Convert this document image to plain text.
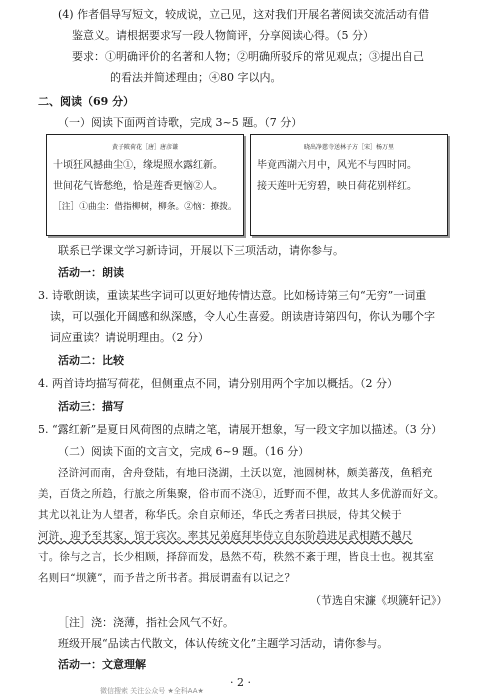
(4) 作者倡导写短文，较成说，立己见，这对我们开展名著阅读交流活动有借
鉴意义。请根据要求写一段人物简评，分享阅读心得。（5 分）
要求：①明确评价的名著和人物；②明确所驳斥的常见观点；③提出自己
的看法并简述理由；④80 字以内。
二、阅读（69 分）
（一）阅读下面两首诗歌，完成 3~5 题。（7 分）
黄子陂荷花［唐］唐彦谦
十顷狂风撼曲尘①，缘堤照水露红新。
世间花气皆愁绝，恰是莲香更恼②人。
［注］①曲尘：借指柳树，柳条。②恼：撩拨。
晓出净慈寺送林子方［宋］杨万里
毕竟西湖六月中，风光不与四时同。
接天莲叶无穷碧，映日荷花别样红。
联系已学课文学习新诗词，开展以下三项活动，请你参与。
活动一：朗读
3. 诗歌朗读，重读某些字词可以更好地传情达意。比如杨诗第三句“无穷”一词重
读，可以强化开阔感和纵深感，令人心生喜爱。朗读唐诗第四句，你认为哪个字
词应重读？请说明理由。（2 分）
活动二：比较
4. 两首诗均描写荷花，但侧重点不同，请分别用两个字加以概括。（2 分）
活动三：描写
5. “露红新”是夏日风荷图的点睛之笔，请展开想象，写一段文字加以描述。（3 分）
（二）阅读下面的文言文，完成 6~9 题。（16 分）
泾浒河而南，舍舟登陆，有地曰浇湖，土沃以宽，池圆树林，颇美蕃茂，鱼稻充
美，百货之所趋，行旅之所集聚，俗市而不浇①，近野而不俚，故其人多优游而好文。
其尤以礼让为人望者，称华氏。余自京师还，华氏之秀者曰拱辰，侍其父候于
河浒，迎予至其家，馆于宾次。率其兄弟庭拜毕侍立自东阶趋进足武相踏不越尺
寸。徐与之言，长少相顾，择辞而发，恳然不苟，秩然不紊于理，皆良士也。视其室
名则曰“坝篪”，而予昔之所书者。揖辰谓盍有以记之？
（节选自宋濂《坝篪轩记》）
［注］浇：浇薄，指社会风气不好。
班级开展“品读古代散文，体认传统文化”主题学习活动，请你参与。
活动一：文意理解
· 2 ·
微信搜索 关注公众号 ★全科AA★
